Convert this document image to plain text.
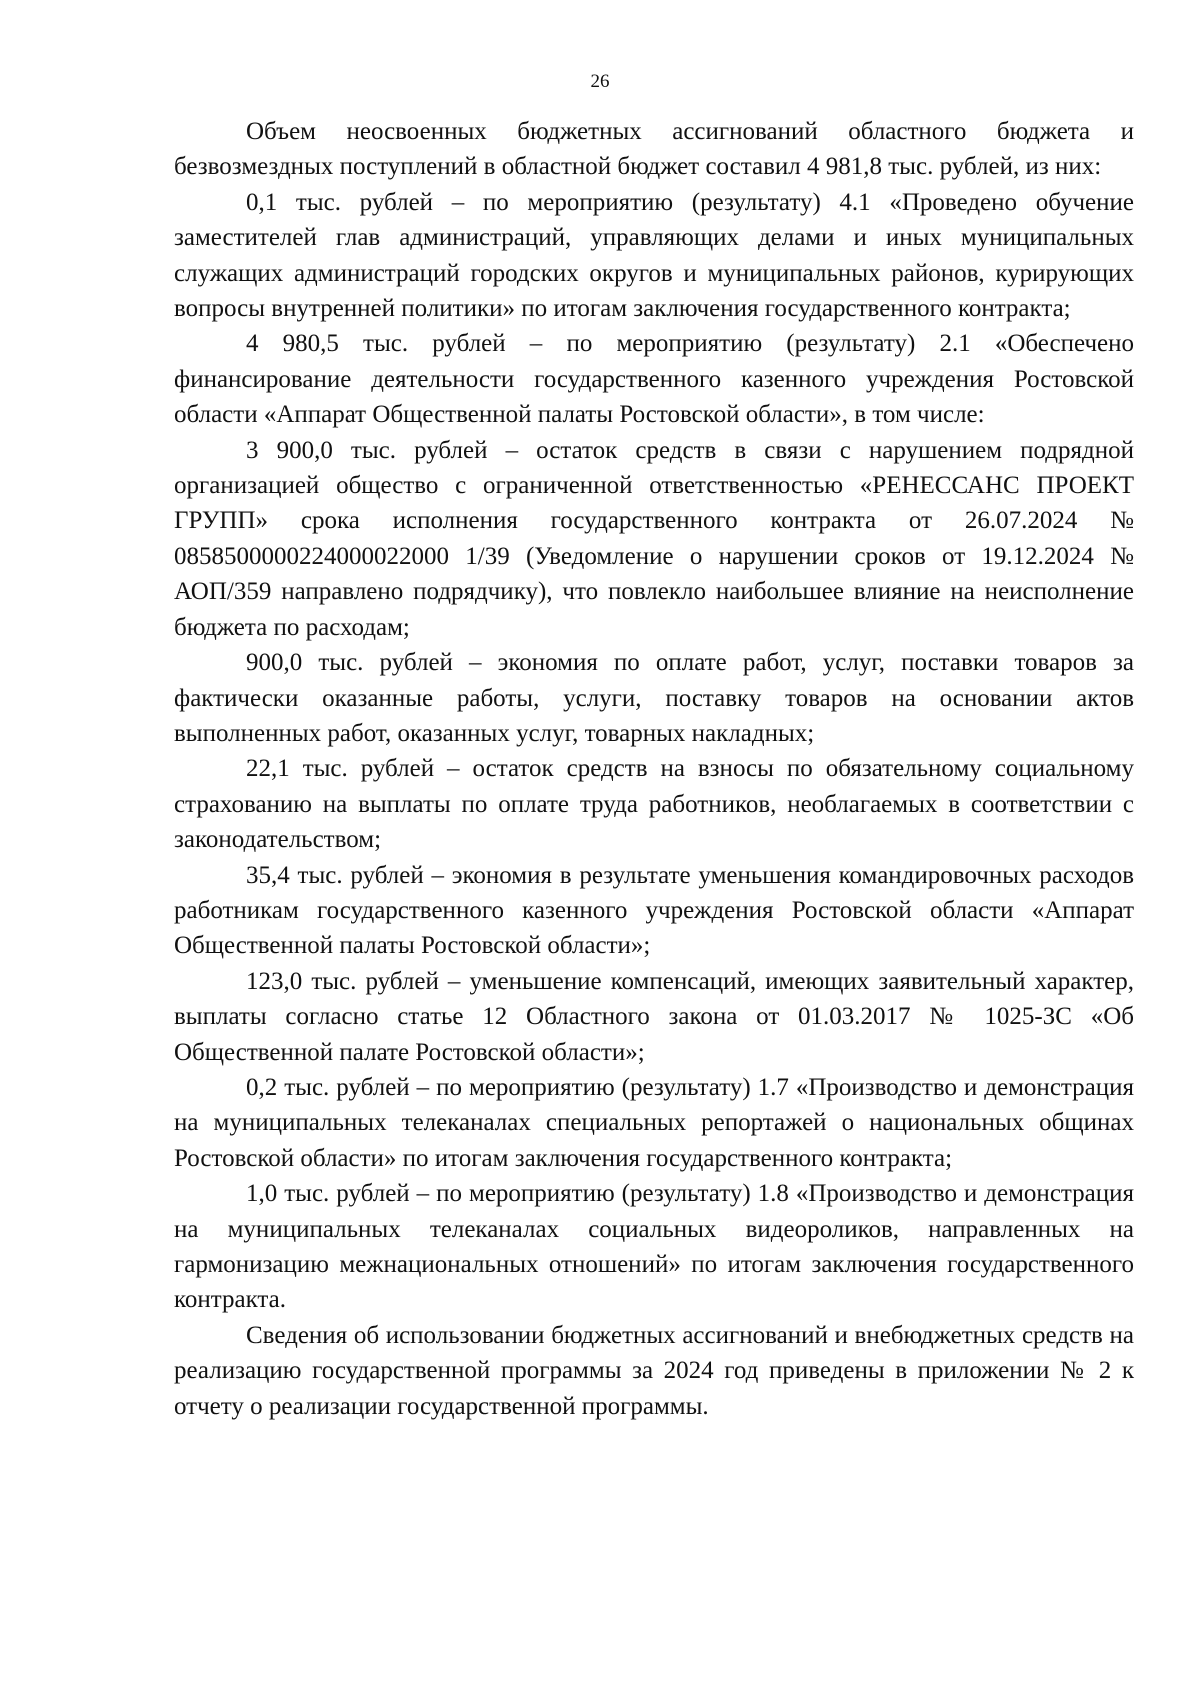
26

Объем неосвоенных бюджетных ассигнований областного бюджета и безвозмездных поступлений в областной бюджет составил 4 981,8 тыс. рублей, из них:

0,1 тыс. рублей – по мероприятию (результату) 4.1 «Проведено обучение заместителей глав администраций, управляющих делами и иных муниципальных служащих администраций городских округов и муниципальных районов, курирующих вопросы внутренней политики» по итогам заключения государственного контракта;

4 980,5 тыс. рублей – по мероприятию (результату) 2.1 «Обеспечено финансирование деятельности государственного казенного учреждения Ростовской области «Аппарат Общественной палаты Ростовской области», в том числе:

3 900,0 тыс. рублей – остаток средств в связи с нарушением подрядной организацией общество с ограниченной ответственностью «РЕНЕССАНС ПРОЕКТ ГРУПП» срока исполнения государственного контракта от 26.07.2024 № 0858500000224000022000 1/39 (Уведомление о нарушении сроков от 19.12.2024 № АОП/359 направлено подрядчику), что повлекло наибольшее влияние на неисполнение бюджета по расходам;

900,0 тыс. рублей – экономия по оплате работ, услуг, поставки товаров за фактически оказанные работы, услуги, поставку товаров на основании актов выполненных работ, оказанных услуг, товарных накладных;

22,1 тыс. рублей – остаток средств на взносы по обязательному социальному страхованию на выплаты по оплате труда работников, необлагаемых в соответствии с законодательством;

35,4 тыс. рублей – экономия в результате уменьшения командировочных расходов работникам государственного казенного учреждения Ростовской области «Аппарат Общественной палаты Ростовской области»;

123,0 тыс. рублей – уменьшение компенсаций, имеющих заявительный характер, выплаты согласно статье 12 Областного закона от 01.03.2017 № 1025-ЗС «Об Общественной палате Ростовской области»;

0,2 тыс. рублей – по мероприятию (результату) 1.7 «Производство и демонстрация на муниципальных телеканалах специальных репортажей о национальных общинах Ростовской области» по итогам заключения государственного контракта;

1,0 тыс. рублей – по мероприятию (результату) 1.8 «Производство и демонстрация на муниципальных телеканалах социальных видеороликов, направленных на гармонизацию межнациональных отношений» по итогам заключения государственного контракта.

Сведения об использовании бюджетных ассигнований и внебюджетных средств на реализацию государственной программы за 2024 год приведены в приложении № 2 к отчету о реализации государственной программы.
